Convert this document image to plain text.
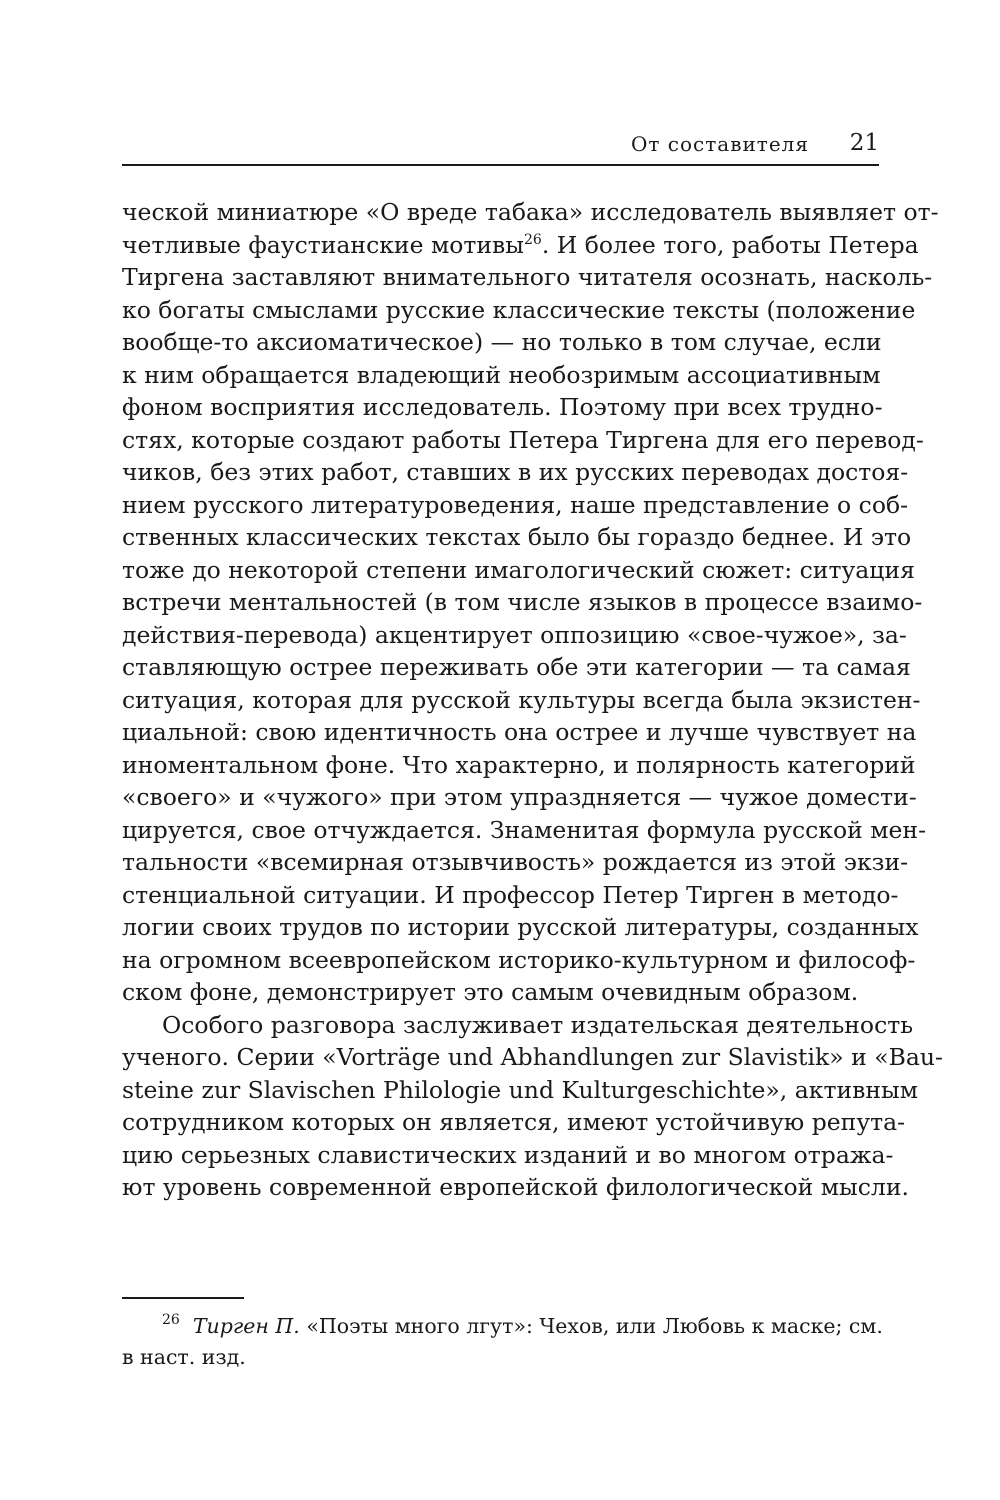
От составителя 21
ческой миниатюре «О вреде табака» исследователь выявляет от-
четливые фаустианские мотивы$^{26}$. И более того, работы Петера
Тиргена заставляют внимательного читателя осознать, насколь-
ко богаты смыслами русские классические тексты (положение
вообще-то аксиоматическое) — но только в том случае, если
к ним обращается владеющий необозримым ассоциативным
фоном восприятия исследователь. Поэтому при всех трудно-
стях, которые создают работы Петера Тиргена для его перевод-
чиков, без этих работ, ставших в их русских переводах достоя-
нием русского литературоведения, наше представление о соб-
ственных классических текстах было бы гораздо беднее. И это
тоже до некоторой степени имагологический сюжет: ситуация
встречи ментальностей (в том числе языков в процессе взаимо-
действия-перевода) акцентирует оппозицию «свое-чужое», за-
ставляющую острее переживать обе эти категории — та самая
ситуация, которая для русской культуры всегда была экзистен-
циальной: свою идентичность она острее и лучше чувствует на
иноментальном фоне. Что характерно, и полярность категорий
«своего» и «чужого» при этом упраздняется — чужое домести-
цируется, свое отчуждается. Знаменитая формула русской мен-
тальности «всемирная отзывчивость» рождается из этой экзи-
стенциальной ситуации. И профессор Петер Тирген в методо-
логии своих трудов по истории русской литературы, созданных
на огромном всеевропейском историко-культурном и философ-
ском фоне, демонстрирует это самым очевидным образом.
Особого разговора заслуживает издательская деятельность
ученого. Серии «Vorträge und Abhandlungen zur Slavistik» и «Bau-
steine zur Slavischen Philologie und Kulturgeschichte», активным
сотрудником которых он является, имеют устойчивую репута-
цию серьезных славистических изданий и во многом отража-
ют уровень современной европейской филологической мысли.
$^{26}$ Тирген П. «Поэты много лгут»: Чехов, или Любовь к маске; см.
в наст. изд.
